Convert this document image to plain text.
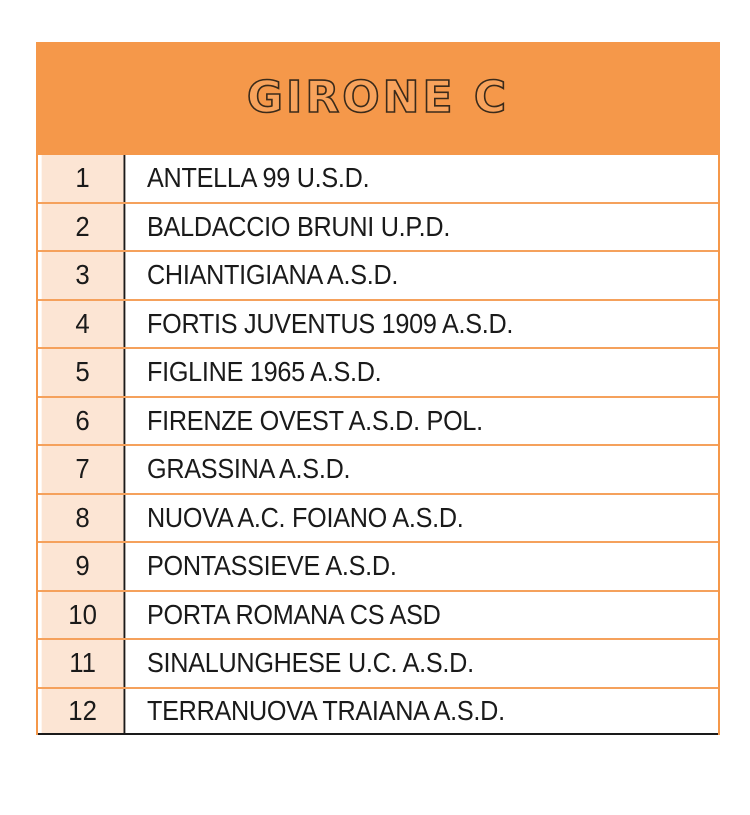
GIRONE C
1	ANTELLA 99 U.S.D.
2	BALDACCIO BRUNI U.P.D.
3	CHIANTIGIANA A.S.D.
4	FORTIS JUVENTUS 1909 A.S.D.
5	FIGLINE 1965 A.S.D.
6	FIRENZE OVEST A.S.D. POL.
7	GRASSINA A.S.D.
8	NUOVA A.C. FOIANO A.S.D.
9	PONTASSIEVE A.S.D.
10	PORTA ROMANA CS ASD
11	SINALUNGHESE U.C. A.S.D.
12	TERRANUOVA TRAIANA A.S.D.
